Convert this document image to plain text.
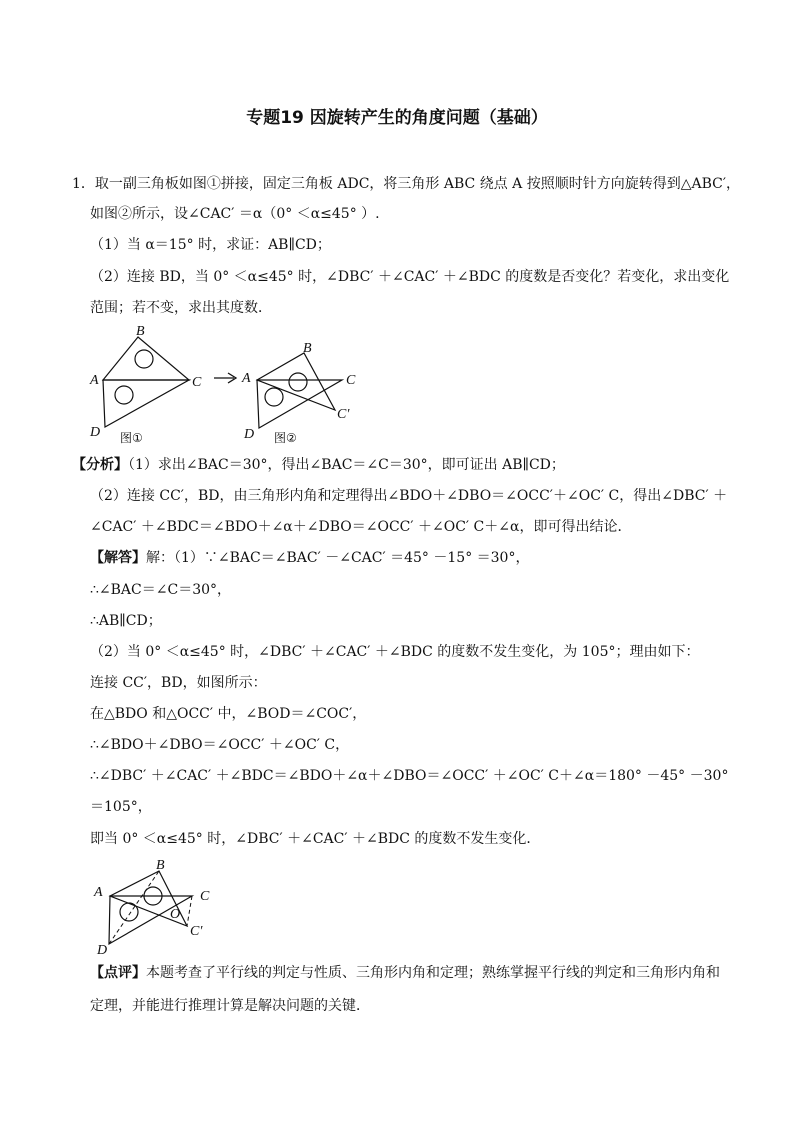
专题19 因旋转产生的角度问题（基础）
1．取一副三角板如图①拼接，固定三角板 ADC，将三角形 ABC 绕点 A 按照顺时针方向旋转得到△ABC′，
如图②所示，设∠CAC′ ＝α（0° ＜α≤45° ）.
（1）当 α＝15° 时，求证：AB∥CD；
（2）连接 BD，当 0° ＜α≤45° 时，∠DBC′ ＋∠CAC′ ＋∠BDC 的度数是否变化？若变化，求出变化
范围；若不变，求出其度数．
B
A	C
D 图①
B
A	C
C′
D 图②
【分析】（1）求出∠BAC＝30°，得出∠BAC＝∠C＝30°，即可证出 AB∥CD；
（2）连接 CC′，BD，由三角形内角和定理得出∠BDO＋∠DBO＝∠OCC′＋∠OC′ C，得出∠DBC′ ＋
∠CAC′ ＋∠BDC＝∠BDO＋∠α＋∠DBO＝∠OCC′ ＋∠OC′ C＋∠α，即可得出结论．
【解答】解：（1）∵∠BAC＝∠BAC′ －∠CAC′ ＝45° －15° ＝30°，
∴∠BAC＝∠C＝30°，
∴AB∥CD；
（2）当 0° ＜α≤45° 时，∠DBC′ ＋∠CAC′ ＋∠BDC 的度数不发生变化，为 105°；理由如下：
连接 CC′，BD，如图所示：
在△BDO 和△OCC′ 中，∠BOD＝∠COC′，
∴∠BDO＋∠DBO＝∠OCC′ ＋∠OC′ C，
∴∠DBC′ ＋∠CAC′ ＋∠BDC＝∠BDO＋∠α＋∠DBO＝∠OCC′ ＋∠OC′ C＋∠α＝180° －45° －30°
＝105°，
即当 0° ＜α≤45° 时，∠DBC′ ＋∠CAC′ ＋∠BDC 的度数不发生变化．
B
A	C
O
C′
D
【点评】本题考查了平行线的判定与性质、三角形内角和定理；熟练掌握平行线的判定和三角形内角和
定理，并能进行推理计算是解决问题的关键．
